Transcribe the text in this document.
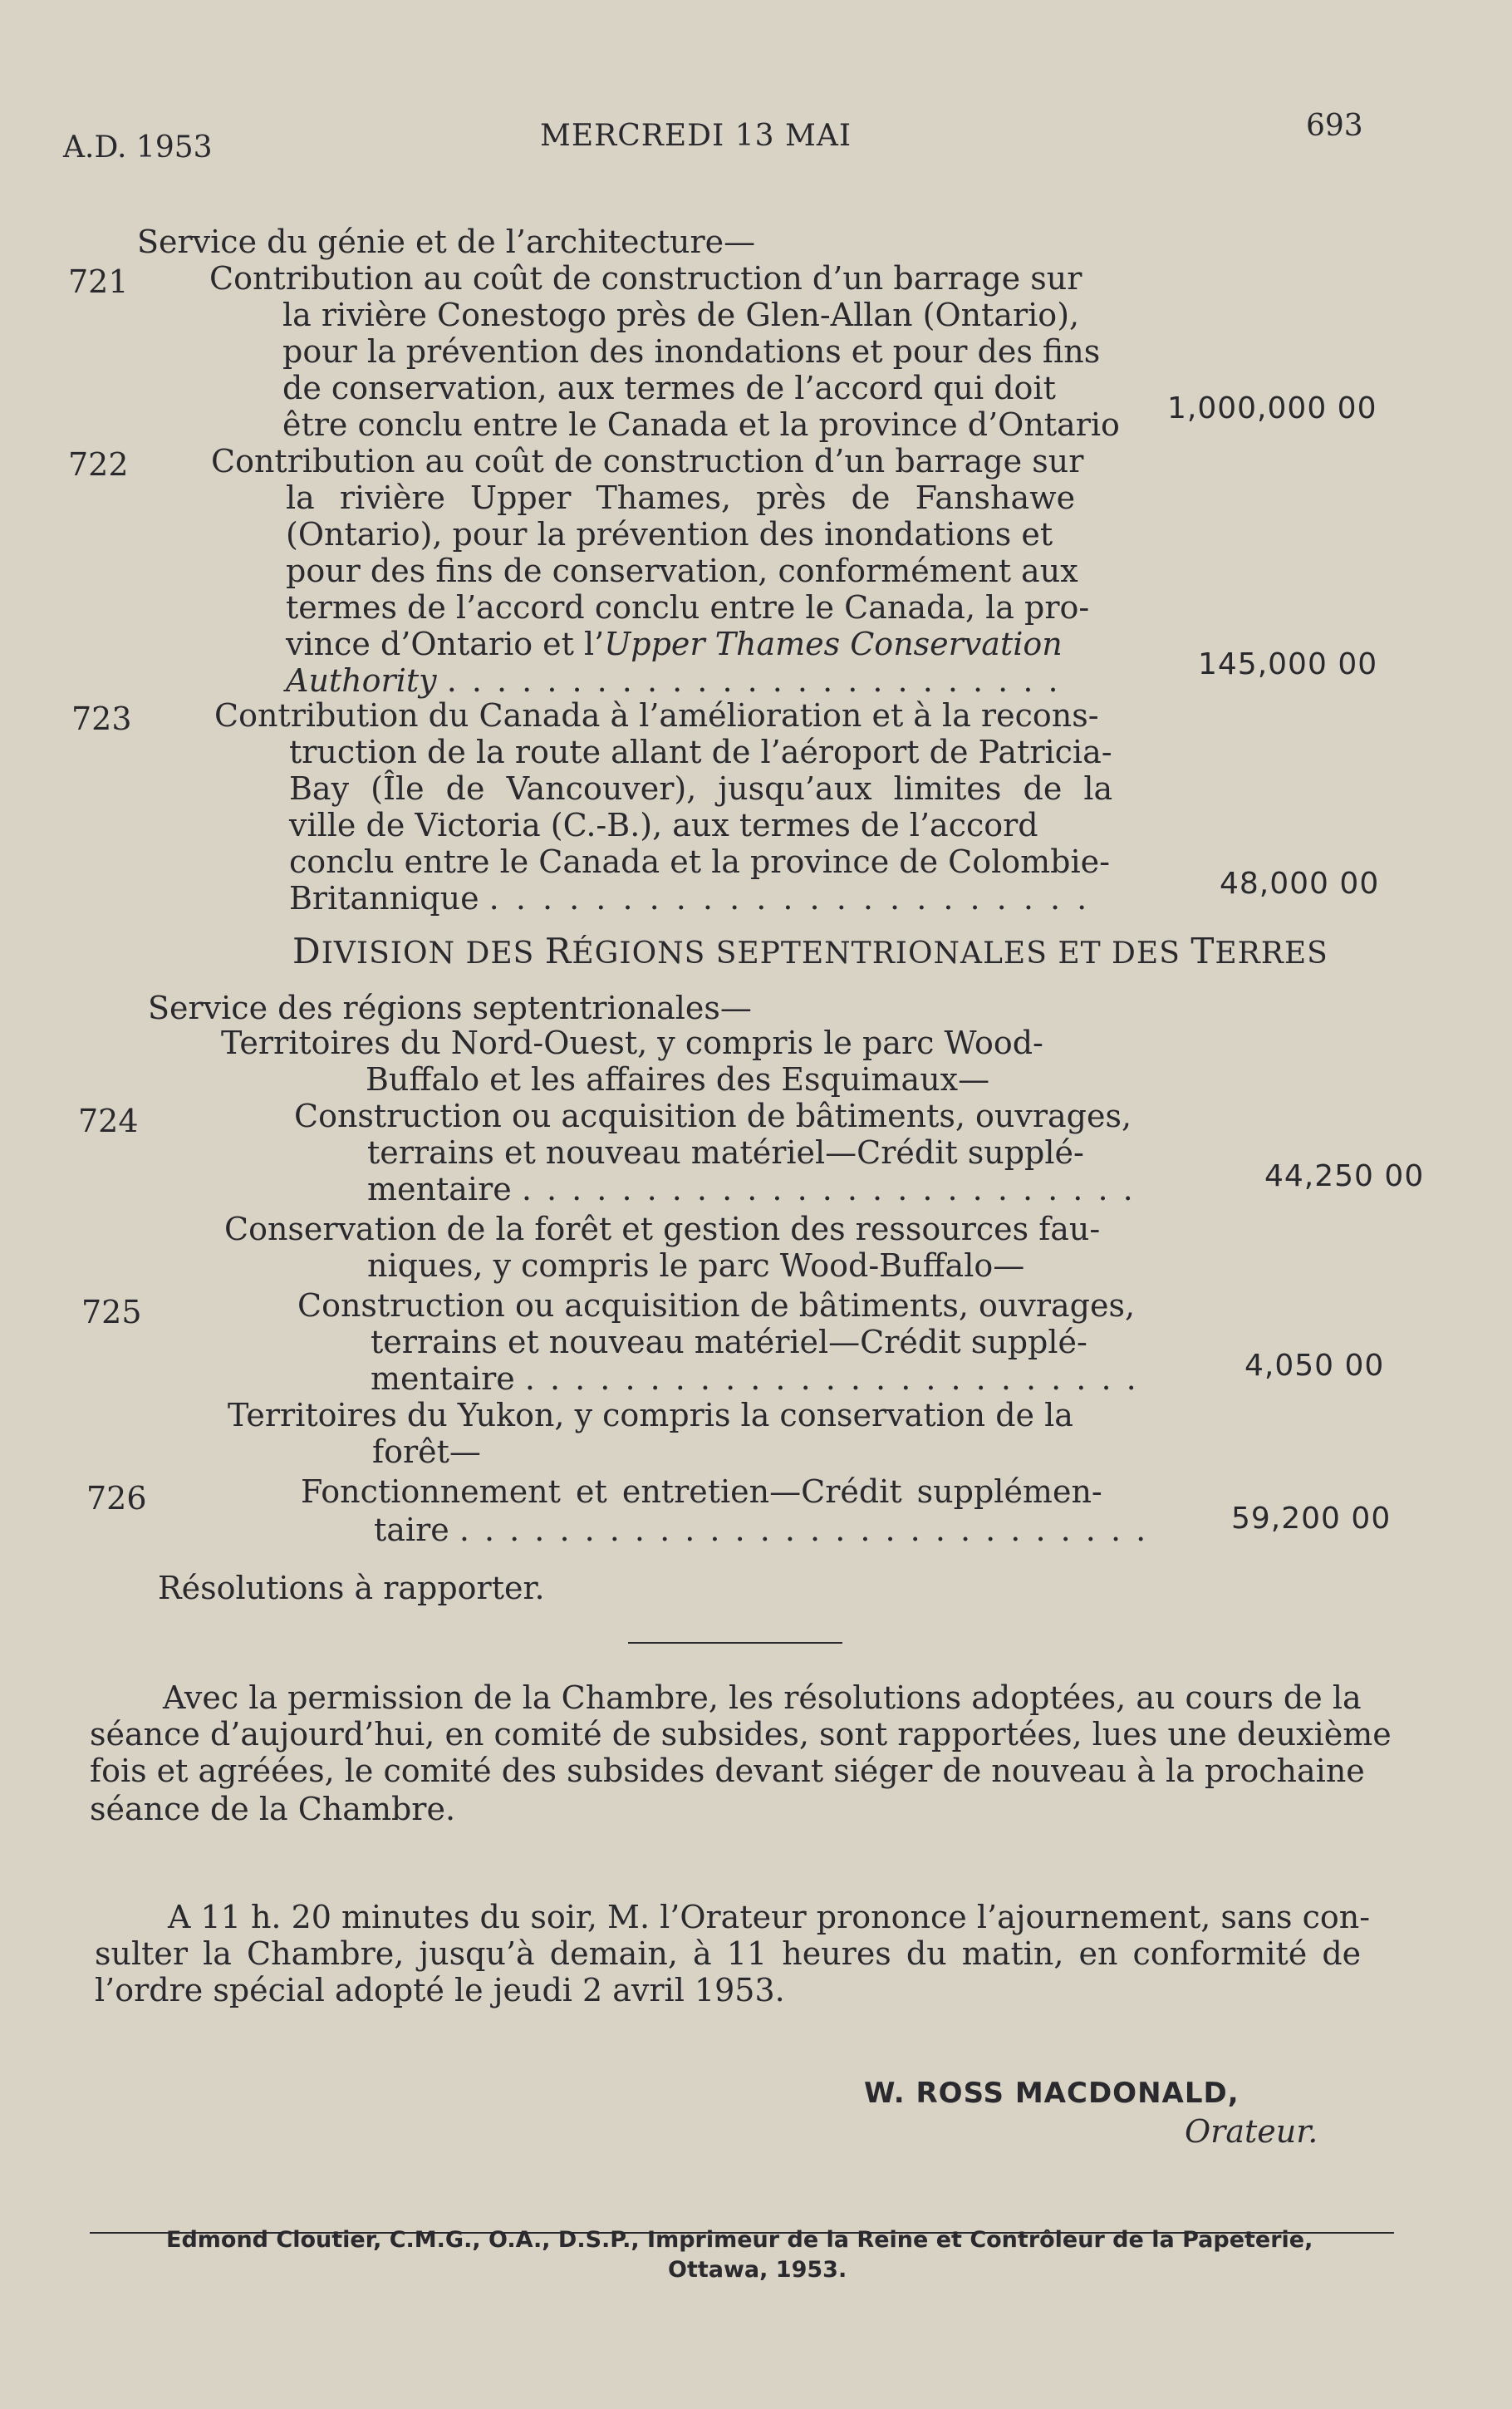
A.D. 1953	MERCREDI 13 MAI	693
Service du génie et de l’architecture—
721	Contribution au coût de construction d’un barrage sur
la rivière Conestogo près de Glen-Allan (Ontario),
pour la prévention des inondations et pour des fins
de conservation, aux termes de l’accord qui doit
être conclu entre le Canada et la province d’Ontario 1,000,000 00
722	Contribution au coût de construction d’un barrage sur
la rivière Upper Thames, près de Fanshawe
(Ontario), pour la prévention des inondations et
pour des fins de conservation, conformément aux
termes de l’accord conclu entre le Canada, la pro-
vince d’Ontario et l’Upper Thames Conservation
Authority . . . . . . . . . . . . . . . . . . . . . . . . .	145,000 00
723	Contribution du Canada à l’amélioration et à la recons-
truction de la route allant de l’aéroport de Patricia-
Bay (Île de Vancouver), jusqu’aux limites de la
ville de Victoria (C.-B.), aux termes de l’accord
conclu entre le Canada et la province de Colombie-
Britannique . . . . . . . . . . . . . . . . . . . . . . .	48,000 00
DIVISION DES RÉGIONS SEPTENTRIONALES ET DES TERRES
Service des régions septentrionales—
Territoires du Nord-Ouest, y compris le parc Wood-
Buffalo et les affaires des Esquimaux—
724	Construction ou acquisition de bâtiments, ouvrages,
terrains et nouveau matériel—Crédit supplé-
mentaire . . . . . . . . . . . . . . . . . . . . . . . . .	44,250 00
Conservation de la forêt et gestion des ressources fau-
niques, y compris le parc Wood-Buffalo—
725	Construction ou acquisition de bâtiments, ouvrages,
terrains et nouveau matériel—Crédit supplé-
mentaire . . . . . . . . . . . . . . . . . . . . . . . . .	4,050 00
Territoires du Yukon, y compris la conservation de la
forêt—
726	Fonctionnement et entretien—Crédit supplémen-
taire . . . . . . . . . . . . . . . . . . . . . . . . . . . .	59,200 00
Résolutions à rapporter.
Avec la permission de la Chambre, les résolutions adoptées, au cours de la
séance d’aujourd’hui, en comité de subsides, sont rapportées, lues une deuxième
fois et agréées, le comité des subsides devant siéger de nouveau à la prochaine
séance de la Chambre.
A 11 h. 20 minutes du soir, M. l’Orateur prononce l’ajournement, sans con-
sulter la Chambre, jusqu’à demain, à 11 heures du matin, en conformité de
l’ordre spécial adopté le jeudi 2 avril 1953.
W. ROSS MACDONALD,
Orateur.
Edmond Cloutier, C.M.G., O.A., D.S.P., Imprimeur de la Reine et Contrôleur de la Papeterie,
Ottawa, 1953.
